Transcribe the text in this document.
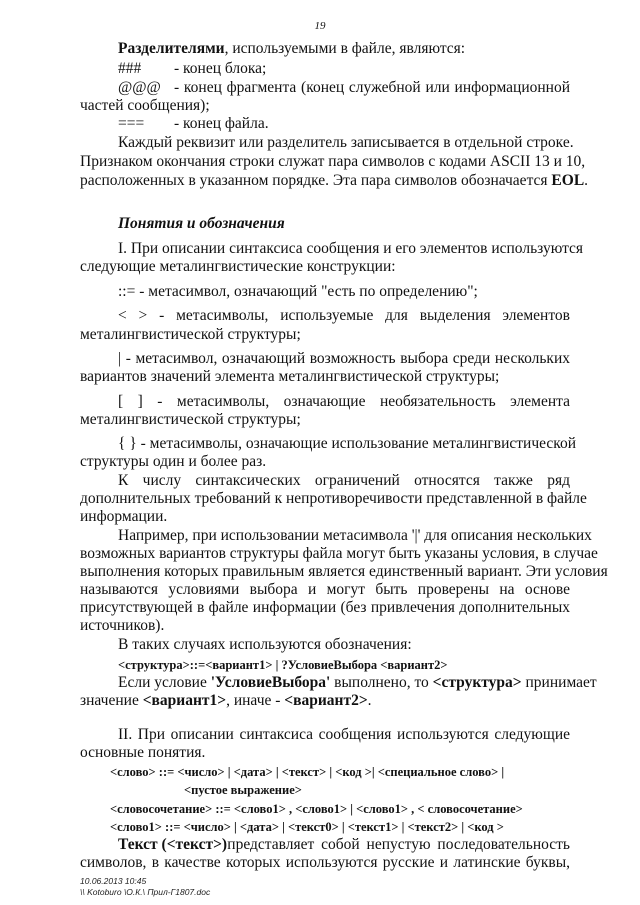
19
Разделителями, используемыми в файле, являются:
### - конец блока;
@@@ - конец фрагмента (конец служебной или информационной
частей сообщения);
=== - конец файла.
Каждый реквизит или разделитель записывается в отдельной строке.
Признаком окончания строки служат пара символов с кодами ASCII 13 и 10,
расположенных в указанном порядке. Эта пара символов обозначается EOL.
Понятия и обозначения
I. При описании синтаксиса сообщения и его элементов используются
следующие металингвистические конструкции:
::= - метасимвол, означающий "есть по определению";
< > - метасимволы, используемые для выделения элементов
металингвистической структуры;
| - метасимвол, означающий возможность выбора среди нескольких
вариантов значений элемента металингвистической структуры;
[ ] - метасимволы, означающие необязательность элемента
металингвистической структуры;
{ } - метасимволы, означающие использование металингвистической
структуры один и более раз.
К числу синтаксических ограничений относятся также ряд
дополнительных требований к непротиворечивости представленной в файле
информации.
Например, при использовании метасимвола '|' для описания нескольких
возможных вариантов структуры файла могут быть указаны условия, в случае
выполнения которых правильным является единственный вариант. Эти условия
называются условиями выбора и могут быть проверены на основе
присутствующей в файле информации (без привлечения дополнительных
источников).
В таких случаях используются обозначения:
<структура>::=<вариант1> | ?УсловиеВыбора <вариант2>
Если условие 'УсловиеВыбора' выполнено, то <структура> принимает
значение <вариант1>, иначе - <вариант2>.
II. При описании синтаксиса сообщения используются следующие
основные понятия.
<слово> ::= <число> | <дата> | <текст> | <код >| <специальное слово> |
<пустое выражение>
<словосочетание> ::= <слово1> , <слово1> | <слово1> , < словосочетание>
<слово1> ::= <число> | <дата> | <текст0> | <текст1> | <текст2> | <код >
Текст (<текст>) представляет собой непустую последовательность
символов, в качестве которых используются русские и латинские буквы,
10.06.2013 10:45
\\ Kotoburo \О.К.\ Прил-Г1807.doc
